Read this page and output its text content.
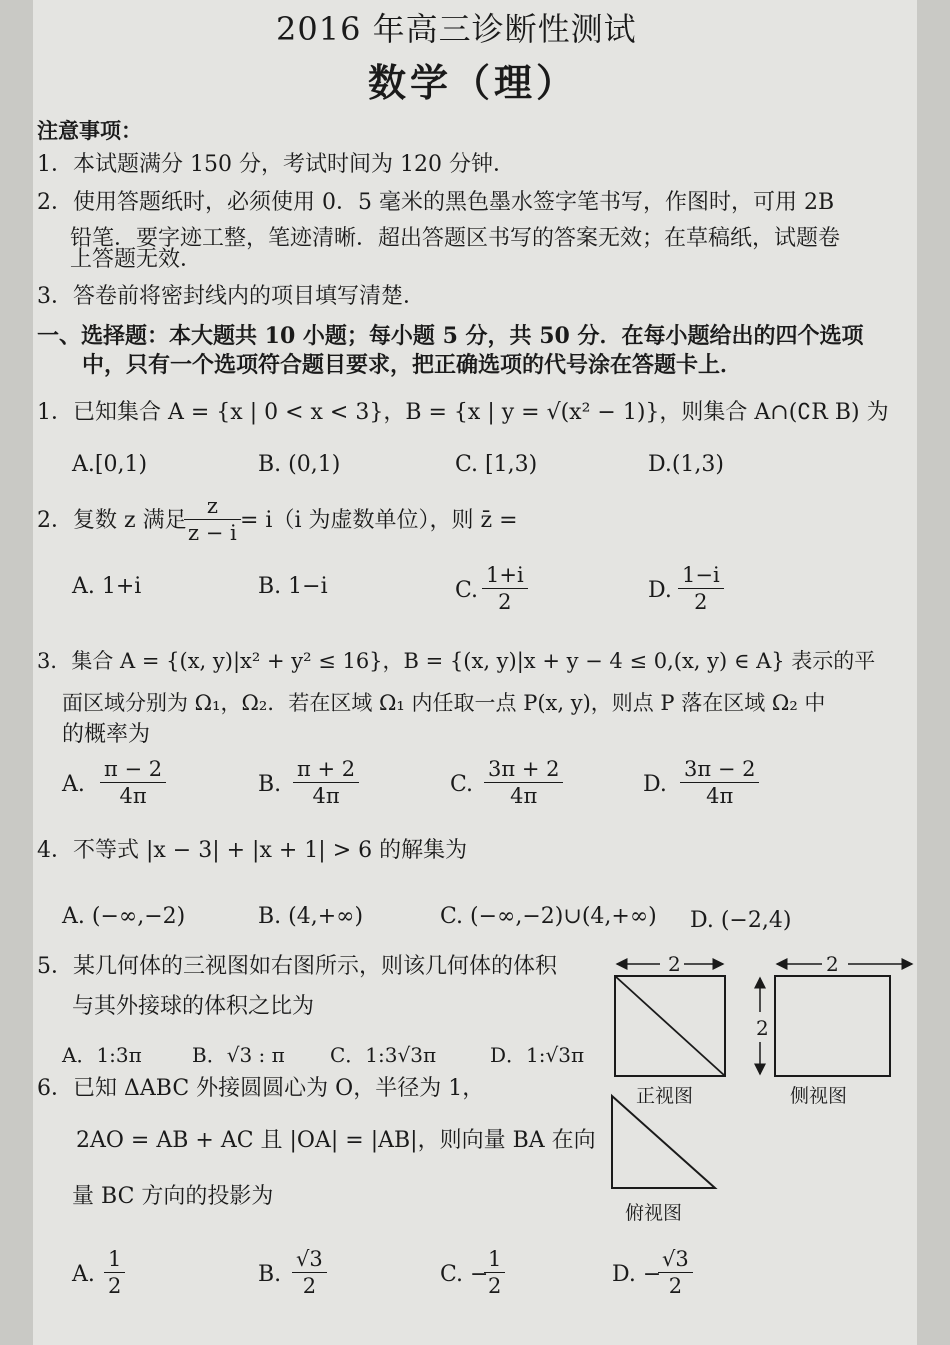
2016 年高三诊断性测试
数学（理）
注意事项：
1．本试题满分 150 分，考试时间为 120 分钟．
2．使用答题纸时，必须使用 0．5 毫米的黑色墨水签字笔书写，作图时，可用 2B
铅笔．要字迹工整，笔迹清晰．超出答题区书写的答案无效；在草稿纸，试题卷
上答题无效．
3．答卷前将密封线内的项目填写清楚．
一、选择题：本大题共 10 小题；每小题 5 分，共 50 分．在每小题给出的四个选项
中，只有一个选项符合题目要求，把正确选项的代号涂在答题卡上．
1．已知集合 A = {x | 0 < x < 3}，B = {x | y = √(x² − 1)}，则集合 A∩(∁R B) 为
A.[0,1)	B. (0,1)	C. [1,3)	D.(1,3)
2．复数 z 满足
$\frac{z}{z - i} = i(i$ 为虚数单位），则 z̄ =
A. 1+i	B. 1−i	C. $\frac{1+i}{2}$	D. $\frac{1-i}{2}$
3．集合 A = {(x, y)|x² + y² ≤ 16}，B = {(x, y)|x + y − 4 ≤ 0,(x, y) ∈ A} 表示的平
面区域分别为 Ω₁，Ω₂．若在区域 Ω₁ 内任取一点 P(x, y)，则点 P 落在区域 Ω₂ 中
的概率为
A. $\frac{\pi - 2}{4\pi}$	B. $\frac{\pi + 2}{4\pi}$	C. $\frac{3\pi + 2}{4\pi}$	D. $\frac{3\pi - 2}{4\pi}$
4．不等式 |x − 3| + |x + 1| > 6 的解集为
A. (−∞,−2)	B. (4,+∞)	C. (−∞,−2)∪(4,+∞) D. (−2,4)
5．某几何体的三视图如右图所示，则该几何体的体积
与其外接球的体积之比为
A．1:3π	B．√3 : π C．1:3√3π	D．1:√3π
6．已知 ΔABC 外接圆圆心为 O，半径为 1，
2AO = AB + AC 且 |OA| = |AB|，则向量 BA 在向
量 BC 方向的投影为
A. $\frac{1}{2}$	B. $\frac{√3}{2}$	C. −
$\frac{1}{2}$	D. −
$\frac{√3}{2}$
2
2
2
正视图	侧视图
俯视图
